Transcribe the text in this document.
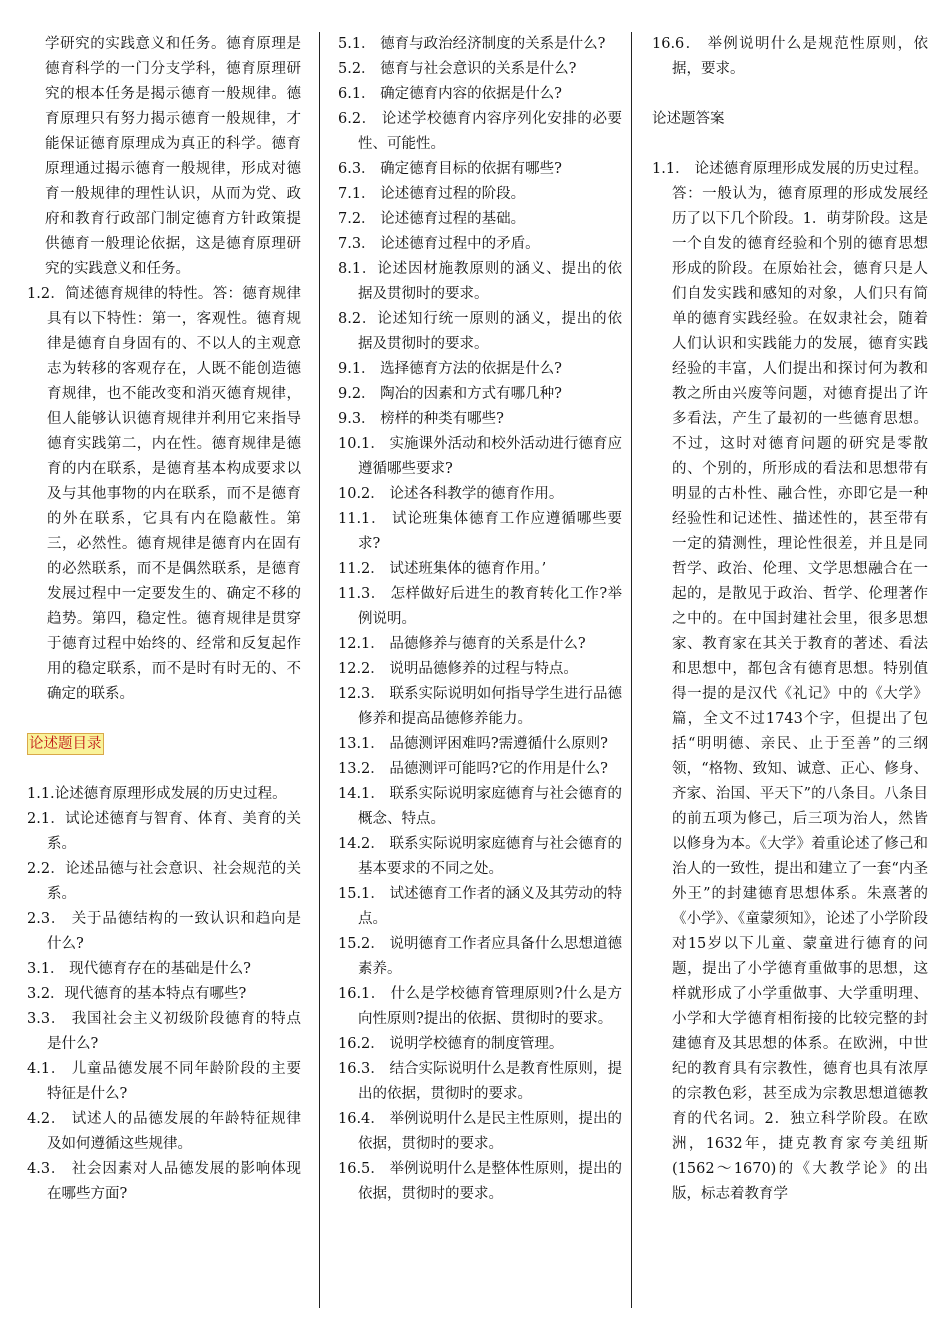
学研究的实践意义和任务。德育原理是德育科学的一门分支学科，德育原理研究的根本任务是揭示德育一般规律。德育原理只有努力揭示德育一般规律，才能保证德育原理成为真正的科学。德育原理通过揭示德育一般规律，形成对德育一般规律的理性认识，从而为党、政府和教育行政部门制定德育方针政策提供德育一般理论依据，这是德育原理研究的实践意义和任务。

1.2．简述德育规律的特性。答：德育规律具有以下特性：第一，客观性。德育规律是德育自身固有的、不以人的主观意志为转移的客观存在，人既不能创造德育规律，也不能改变和消灭德育规律，但人能够认识德育规律并利用它来指导德育实践第二，内在性。德育规律是德育的内在联系，是德育基本构成要求以及与其他事物的内在联系，而不是德育的外在联系，它具有内在隐蔽性。第三，必然性。德育规律是德育内在固有的必然联系，而不是偶然联系，是德育发展过程中一定要发生的、确定不移的趋势。第四，稳定性。德育规律是贯穿于德育过程中始终的、经常和反复起作用的稳定联系，而不是时有时无的、不确定的联系。

论述题目录

1.1.论述德育原理形成发展的历史过程。

2.1．试论述德育与智育、体育、美育的关系。

2.2．论述品德与社会意识、社会规范的关系。

2.3． 关于品德结构的一致认识和趋向是什么?

3.1． 现代德育存在的基础是什么?

3.2．现代德育的基本特点有哪些?

3.3． 我国社会主义初级阶段德育的特点是什么?

4.1． 儿童品德发展不同年龄阶段的主要特征是什么?

4.2． 试述人的品德发展的年龄特征规律及如何遵循这些规律。

4.3． 社会因素对人品德发展的影响体现在哪些方面?

5.1． 德育与政治经济制度的关系是什么?

5.2． 德育与社会意识的关系是什么?

6.1． 确定德育内容的依据是什么?

6.2． 论述学校德育内容序列化安排的必要性、可能性。

6.3． 确定德育目标的依据有哪些?

7.1． 论述德育过程的阶段。

7.2． 论述德育过程的基础。

7.3． 论述德育过程中的矛盾。

8.1．论述因材施教原则的涵义、提出的依据及贯彻时的要求。

8.2．论述知行统一原则的涵义，提出的依据及贯彻时的要求。

9.1． 选择德育方法的依据是什么?

9.2． 陶冶的因素和方式有哪几种?

9.3． 榜样的种类有哪些?

10.1． 实施课外活动和校外活动进行德育应遵循哪些要求?

10.2． 论述各科教学的德育作用。

11.1． 试论班集体德育工作应遵循哪些要求?

11.2． 试述班集体的德育作用。’

11.3． 怎样做好后进生的教育转化工作?举例说明。

12.1． 品德修养与德育的关系是什么?

12.2． 说明品德修养的过程与特点。

12.3． 联系实际说明如何指导学生进行品德修养和提高品德修养能力。

13.1． 品德测评困难吗?需遵循什么原则?

13.2． 品德测评可能吗?它的作用是什么?

14.1． 联系实际说明家庭德育与社会德育的概念、特点。

14.2． 联系实际说明家庭德育与社会德育的基本要求的不同之处。

15.1． 试述德育工作者的涵义及其劳动的特点。

15.2． 说明德育工作者应具备什么思想道德素养。

16.1． 什么是学校德育管理原则?什么是方向性原则?提出的依据、贯彻时的要求。

16.2． 说明学校德育的制度管理。

16.3． 结合实际说明什么是教育性原则，提出的依据，贯彻时的要求。

16.4． 举例说明什么是民主性原则，提出的依据，贯彻时的要求。

16.5． 举例说明什么是整体性原则，提出的依据，贯彻时的要求。

16.6． 举例说明什么是规范性原则，依据，要求。

论述题答案

1.1． 论述德育原理形成发展的历史过程。答：一般认为，德育原理的形成发展经历了以下几个阶段。1．萌芽阶段。这是一个自发的德育经验和个别的德育思想形成的阶段。在原始社会，德育只是人们自发实践和感知的对象，人们只有简单的德育实践经验。在奴隶社会，随着人们认识和实践能力的发展，德育实践经验的丰富，人们提出和探讨何为教和教之所由兴废等问题，对德育提出了许多看法，产生了最初的一些德育思想。不过，这时对德育问题的研究是零散的、个别的，所形成的看法和思想带有明显的古朴性、融合性，亦即它是一种经验性和记述性、描述性的，甚至带有一定的猜测性，理论性很差，并且是同哲学、政治、伦理、文学思想融合在一起的，是散见于政治、哲学、伦理著作之中的。在中国封建社会里，很多思想家、教育家在其关于教育的著述、看法和思想中，都包含有德育思想。特别值得一提的是汉代《礼记》中的《大学》篇，全文不过1743个字，但提出了包括“明明德、亲民、止于至善”的三纲领，“格物、致知、诚意、正心、修身、齐家、治国、平天下”的八条目。八条目的前五项为修己，后三项为治人，然皆以修身为本。《大学》着重论述了修己和治人的一致性，提出和建立了一套“内圣外王”的封建德育思想体系。朱熹著的《小学》、《童蒙须知》，论述了小学阶段对15岁以下儿童、蒙童进行德育的问题，提出了小学德育重做事的思想，这样就形成了小学重做事、大学重明理、小学和大学德育相衔接的比较完整的封建德育及其思想的体系。在欧洲，中世纪的教育具有宗教性，德育也具有浓厚的宗教色彩，甚至成为宗教思想道德教育的代名词。2．独立科学阶段。在欧洲，1632年，捷克教育家夸美纽斯(1562～1670)的《大教学论》的出版，标志着教育学
